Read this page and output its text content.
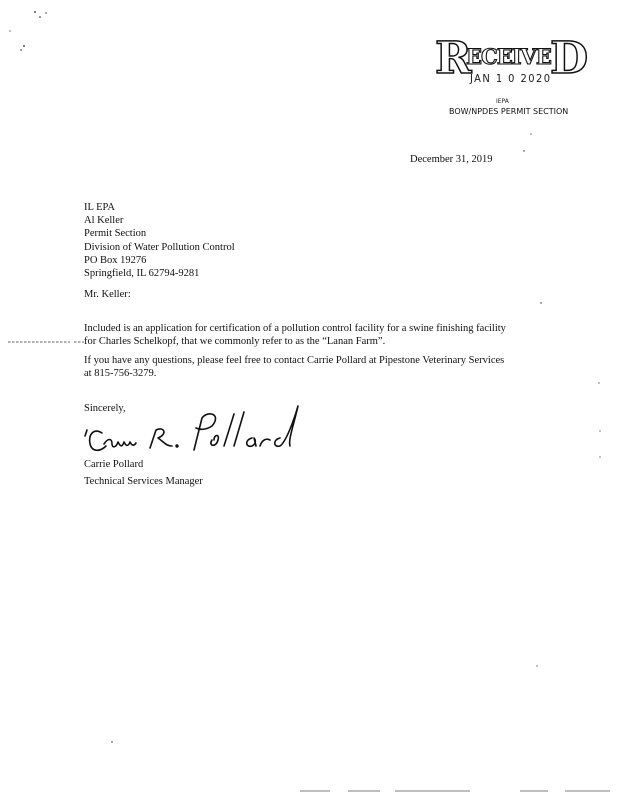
R
ECEIVE D
JAN 1 0 2020
IEPA
BOW/NPDES PERMIT SECTION
December 31, 2019
IL EPA
Al Keller
Permit Section
Division of Water Pollution Control
PO Box 19276
Springfield, IL 62794-9281
Mr. Keller:
Included is an application for certification of a pollution control facility for a swine finishing facility for Charles Schelkopf, that we commonly refer to as the “Lanan Farm”.
If you have any questions, please feel free to contact Carrie Pollard at Pipestone Veterinary Services at 815-756-3279.
Sincerely,
Carrie Pollard
Technical Services Manager
